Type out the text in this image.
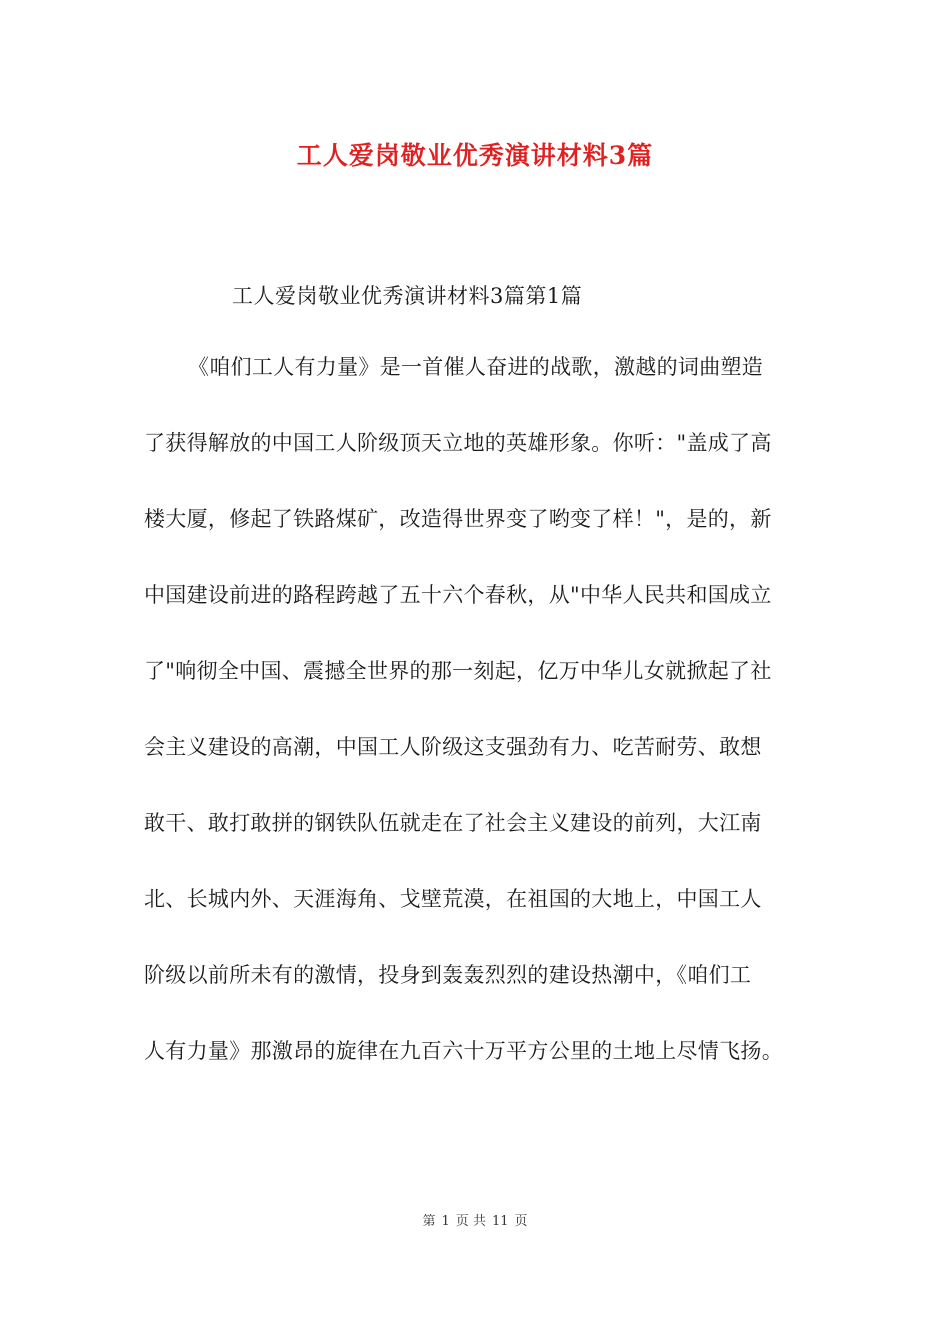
工人爱岗敬业优秀演讲材料3篇
工人爱岗敬业优秀演讲材料3篇第1篇
《咱们工人有力量》是一首催人奋进的战歌，激越的词曲塑造
了获得解放的中国工人阶级顶天立地的英雄形象。你听："盖成了高
楼大厦，修起了铁路煤矿，改造得世界变了哟变了样！"，是的，新
中国建设前进的路程跨越了五十六个春秋，从"中华人民共和国成立
了"响彻全中国、震撼全世界的那一刻起，亿万中华儿女就掀起了社
会主义建设的高潮，中国工人阶级这支强劲有力、吃苦耐劳、敢想
敢干、敢打敢拼的钢铁队伍就走在了社会主义建设的前列，大江南
北、长城内外、天涯海角、戈壁荒漠，在祖国的大地上，中国工人
阶级以前所未有的激情，投身到轰轰烈烈的建设热潮中，《咱们工
人有力量》那激昂的旋律在九百六十万平方公里的土地上尽情飞扬。
第 1 页 共 11 页
